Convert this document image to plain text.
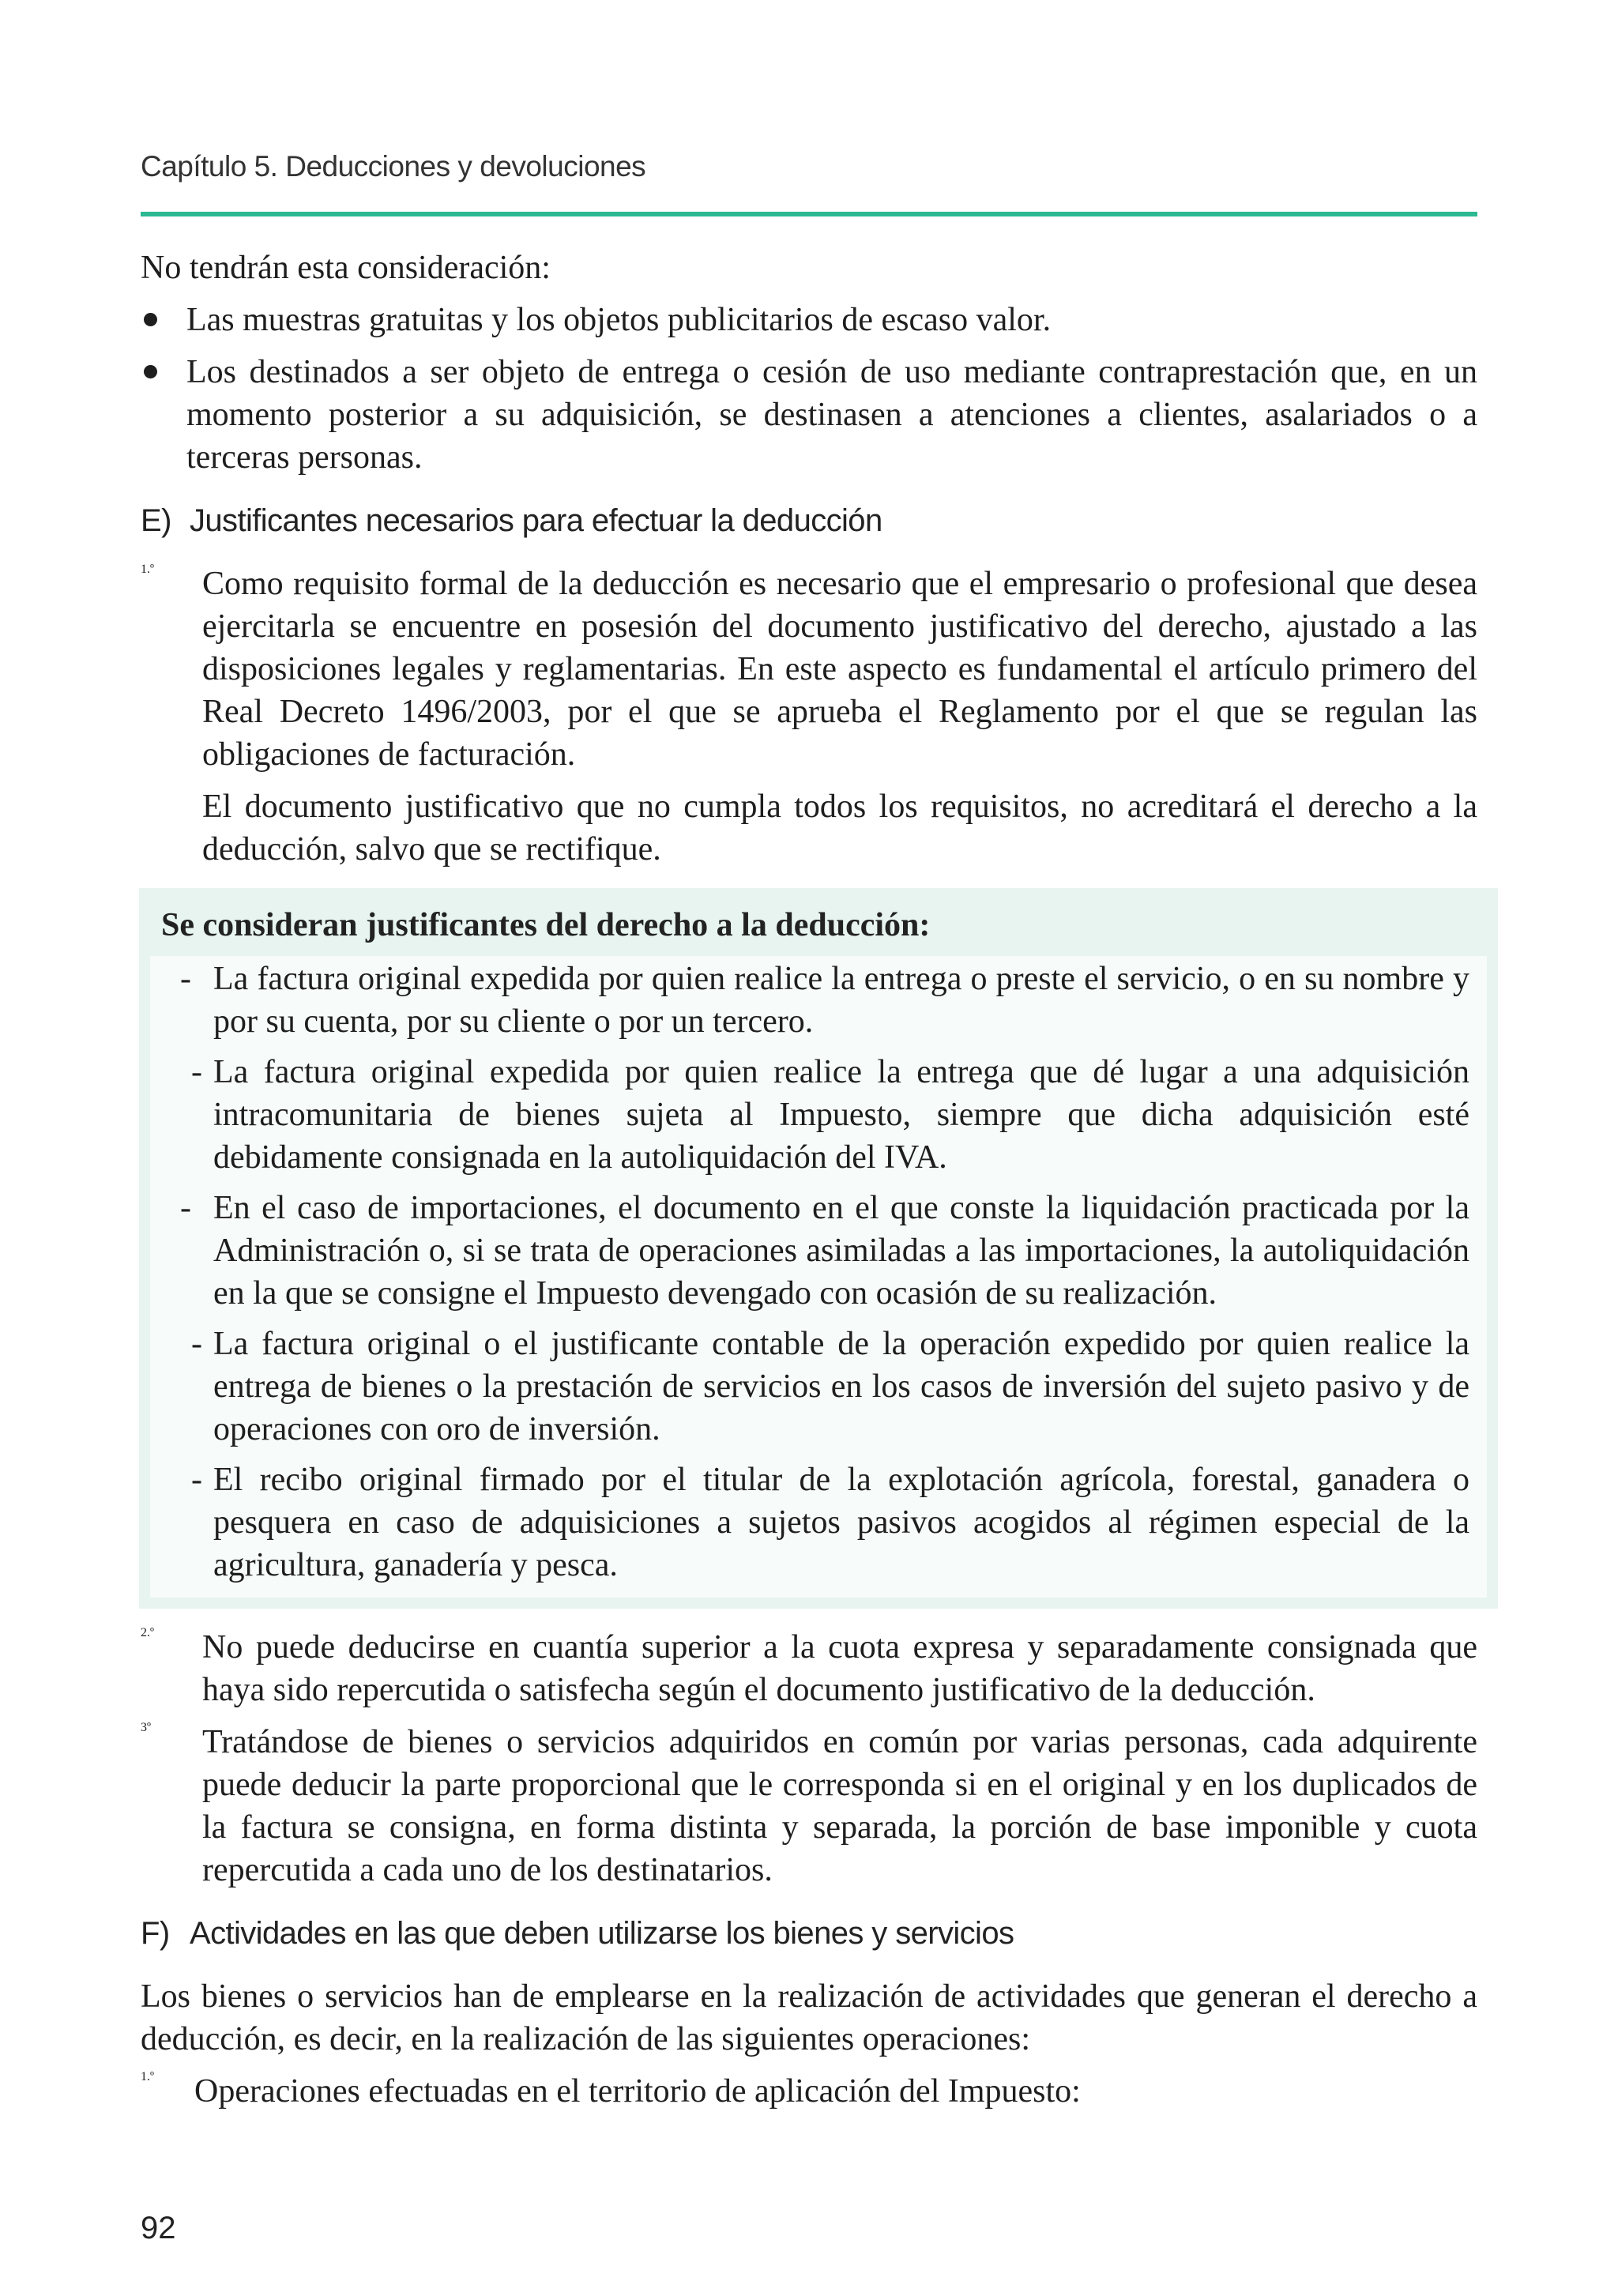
Capítulo 5. Deducciones y devoluciones

No tendrán esta consideración:

Las muestras gratuitas y los objetos publicitarios de escaso valor.

Los destinados a ser objeto de entrega o cesión de uso mediante contraprestación que, en un momento posterior a su adquisición, se destinasen a atenciones a clientes, asalariados o a terceras personas.

E) Justificantes necesarios para efectuar la deducción
1.º Como requisito formal de la deducción es necesario que el empresario o profesional que desea ejercitarla se encuentre en posesión del documento justificativo del derecho, ajustado a las disposiciones legales y reglamentarias. En este aspecto es fundamental el artículo primero del Real Decreto 1496/2003, por el que se aprueba el Reglamento por el que se regulan las obligaciones de facturación.

El documento justificativo que no cumpla todos los requisitos, no acreditará el derecho a la deducción, salvo que se rectifique.

Se consideran justificantes del derecho a la deducción:

- La factura original expedida por quien realice la entrega o preste el servicio, o en su nombre y por su cuenta, por su cliente o por un tercero.

- La factura original expedida por quien realice la entrega que dé lugar a una adquisición intracomunitaria de bienes sujeta al Impuesto, siempre que dicha adquisición esté debidamente consignada en la autoliquidación del IVA.

- En el caso de importaciones, el documento en el que conste la liquidación practicada por la Administración o, si se trata de operaciones asimiladas a las importaciones, la autoliquidación en la que se consigne el Impuesto devengado con ocasión de su realización.

- La factura original o el justificante contable de la operación expedido por quien realice la entrega de bienes o la prestación de servicios en los casos de inversión del sujeto pasivo y de operaciones con oro de inversión.

- El recibo original firmado por el titular de la explotación agrícola, forestal, ganadera o pesquera en caso de adquisiciones a sujetos pasivos acogidos al régimen especial de la agricultura, ganadería y pesca.

2.º No puede deducirse en cuantía superior a la cuota expresa y separadamente consignada que haya sido repercutida o satisfecha según el documento justificativo de la deducción.

3º Tratándose de bienes o servicios adquiridos en común por varias personas, cada adquirente puede deducir la parte proporcional que le corresponda si en el original y en los duplicados de la factura se consigna, en forma distinta y separada, la porción de base imponible y cuota repercutida a cada uno de los destinatarios.

F) Actividades en las que deben utilizarse los bienes y servicios

Los bienes o servicios han de emplearse en la realización de actividades que generan el derecho a deducción, es decir, en la realización de las siguientes operaciones:

1.º Operaciones efectuadas en el territorio de aplicación del Impuesto:

92
